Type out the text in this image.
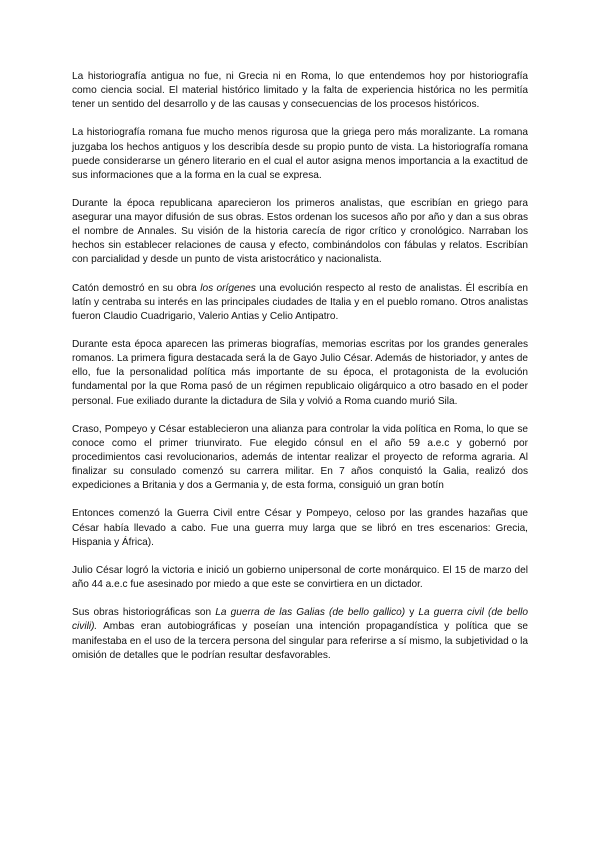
La historiografía antigua no fue, ni Grecia ni en Roma, lo que entendemos hoy por historiografía como ciencia social. El material histórico limitado y la falta de experiencia histórica no les permitía tener un sentido del desarrollo y de las causas y consecuencias de los procesos históricos.

La historiografía romana fue mucho menos rigurosa que la griega pero más moralizante. La romana juzgaba los hechos antiguos y los describía desde su propio punto de vista. La historiografía romana puede considerarse un género literario en el cual el autor asigna menos importancia a la exactitud de sus informaciones que a la forma en la cual se expresa.

Durante la época republicana aparecieron los primeros analistas, que escribían en griego para asegurar una mayor difusión de sus obras. Estos ordenan los sucesos año por año y dan a sus obras el nombre de Annales. Su visión de la historia carecía de rigor crítico y cronológico. Narraban los hechos sin establecer relaciones de causa y efecto, combinándolos con fábulas y relatos. Escribían con parcialidad y desde un punto de vista aristocrático y nacionalista.

Catón demostró en su obra los orígenes una evolución respecto al resto de analistas. Él escribía en latín y centraba su interés en las principales ciudades de Italia y en el pueblo romano. Otros analistas fueron Claudio Cuadrigario, Valerio Antias y Celio Antipatro.

Durante esta época aparecen las primeras biografías, memorias escritas por los grandes generales romanos. La primera figura destacada será la de Gayo Julio César. Además de historiador, y antes de ello, fue la personalidad política más importante de su época, el protagonista de la evolución fundamental por la que Roma pasó de un régimen republicaio oligárquico a otro basado en el poder personal. Fue exiliado durante la dictadura de Sila y volvió a Roma cuando murió Sila.

Craso, Pompeyo y César establecieron una alianza para controlar la vida política en Roma, lo que se conoce como el primer triunvirato. Fue elegido cónsul en el año 59 a.e.c y gobernó por procedimientos casi revolucionarios, además de intentar realizar el proyecto de reforma agraria. Al finalizar su consulado comenzó su carrera militar. En 7 años conquistó la Galia, realizó dos expediciones a Britania y dos a Germania y, de esta forma, consiguió un gran botín

Entonces comenzó la Guerra Civil entre César y Pompeyo, celoso por las grandes hazañas que César había llevado a cabo. Fue una guerra muy larga que se libró en tres escenarios: Grecia, Hispania y África).

Julio César logró la victoria e inició un gobierno unipersonal de corte monárquico. El 15 de marzo del año 44 a.e.c fue asesinado por miedo a que este se convirtiera en un dictador.

Sus obras historiográficas son La guerra de las Galias (de bello gallico) y La guerra civil (de bello civili). Ambas eran autobiográficas y poseían una intención propagandística y política que se manifestaba en el uso de la tercera persona del singular para referirse a sí mismo, la subjetividad o la omisión de detalles que le podrían resultar desfavorables.
